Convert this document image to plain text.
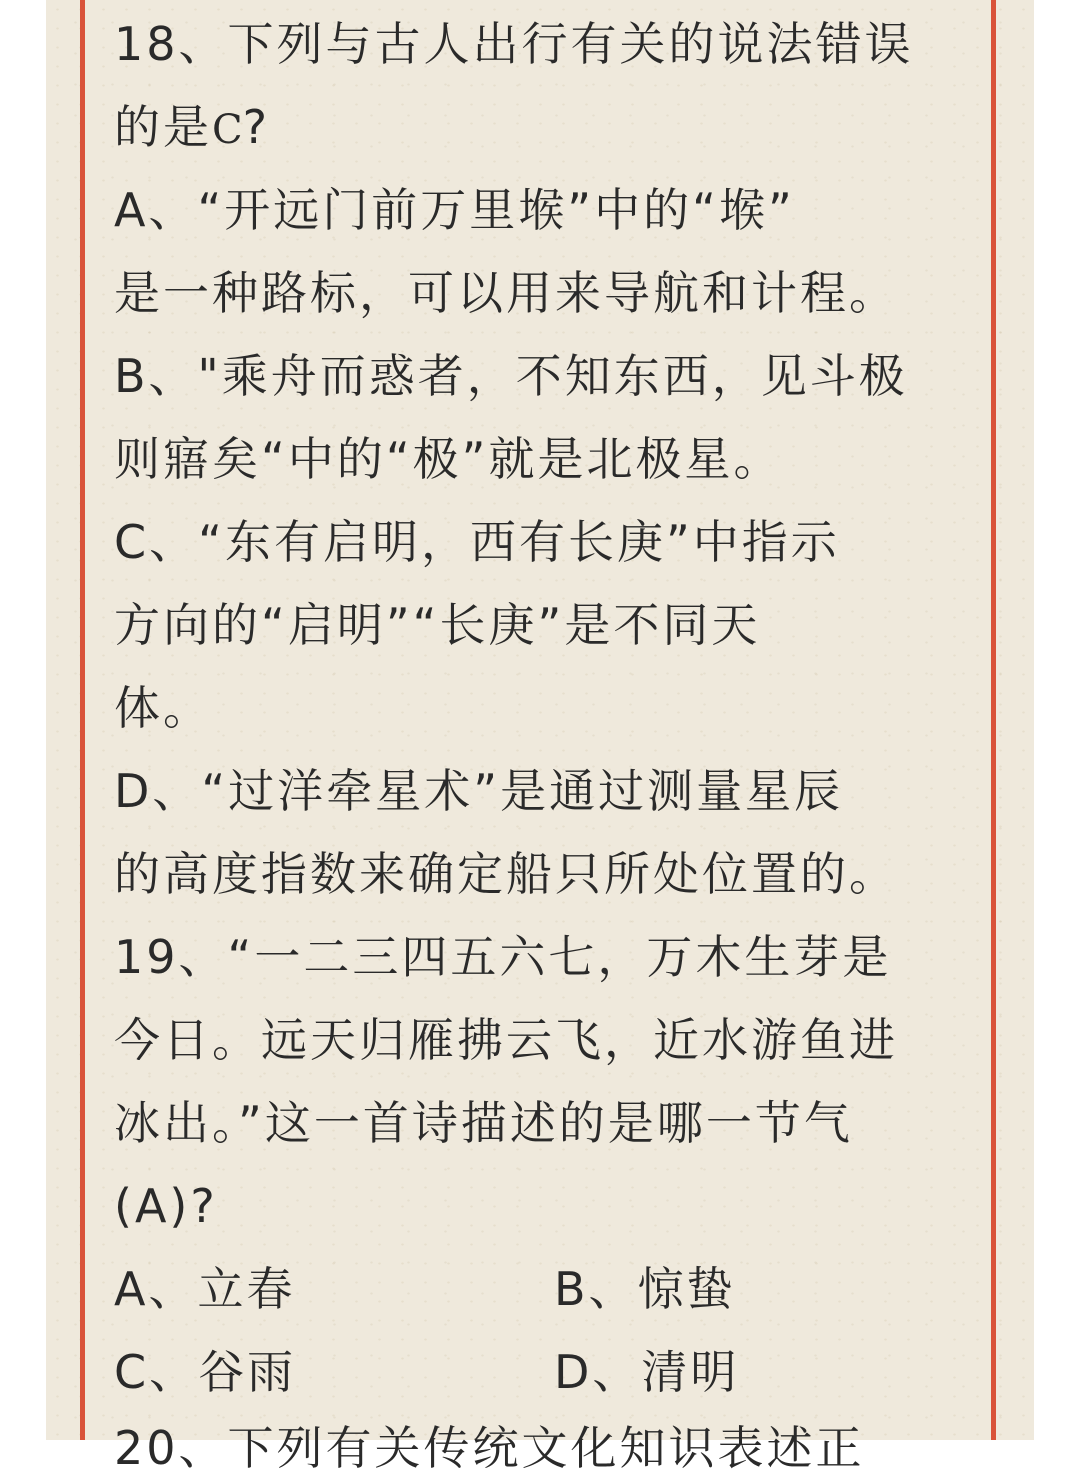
18、下列与古人出行有关的说法错误
的是C?
A、“开远门前万里堠”中的“堠”
是一种路标，可以用来导航和计程。
B、"乘舟而惑者，不知东西，见斗极
则寤矣“中的“极”就是北极星。
C、“东有启明，西有长庚”中指示
方向的“启明”“长庚”是不同天
体。
D、“过洋牵星术”是通过测量星辰
的高度指数来确定船只所处位置的。
19、“一二三四五六七，万木生芽是
今日。远天归雁拂云飞，近水游鱼进
冰出。”这一首诗描述的是哪一节气
(A)?
A、立春	B、惊蛰
C、谷雨	D、清明
20、下列有关传统文化知识表述正
